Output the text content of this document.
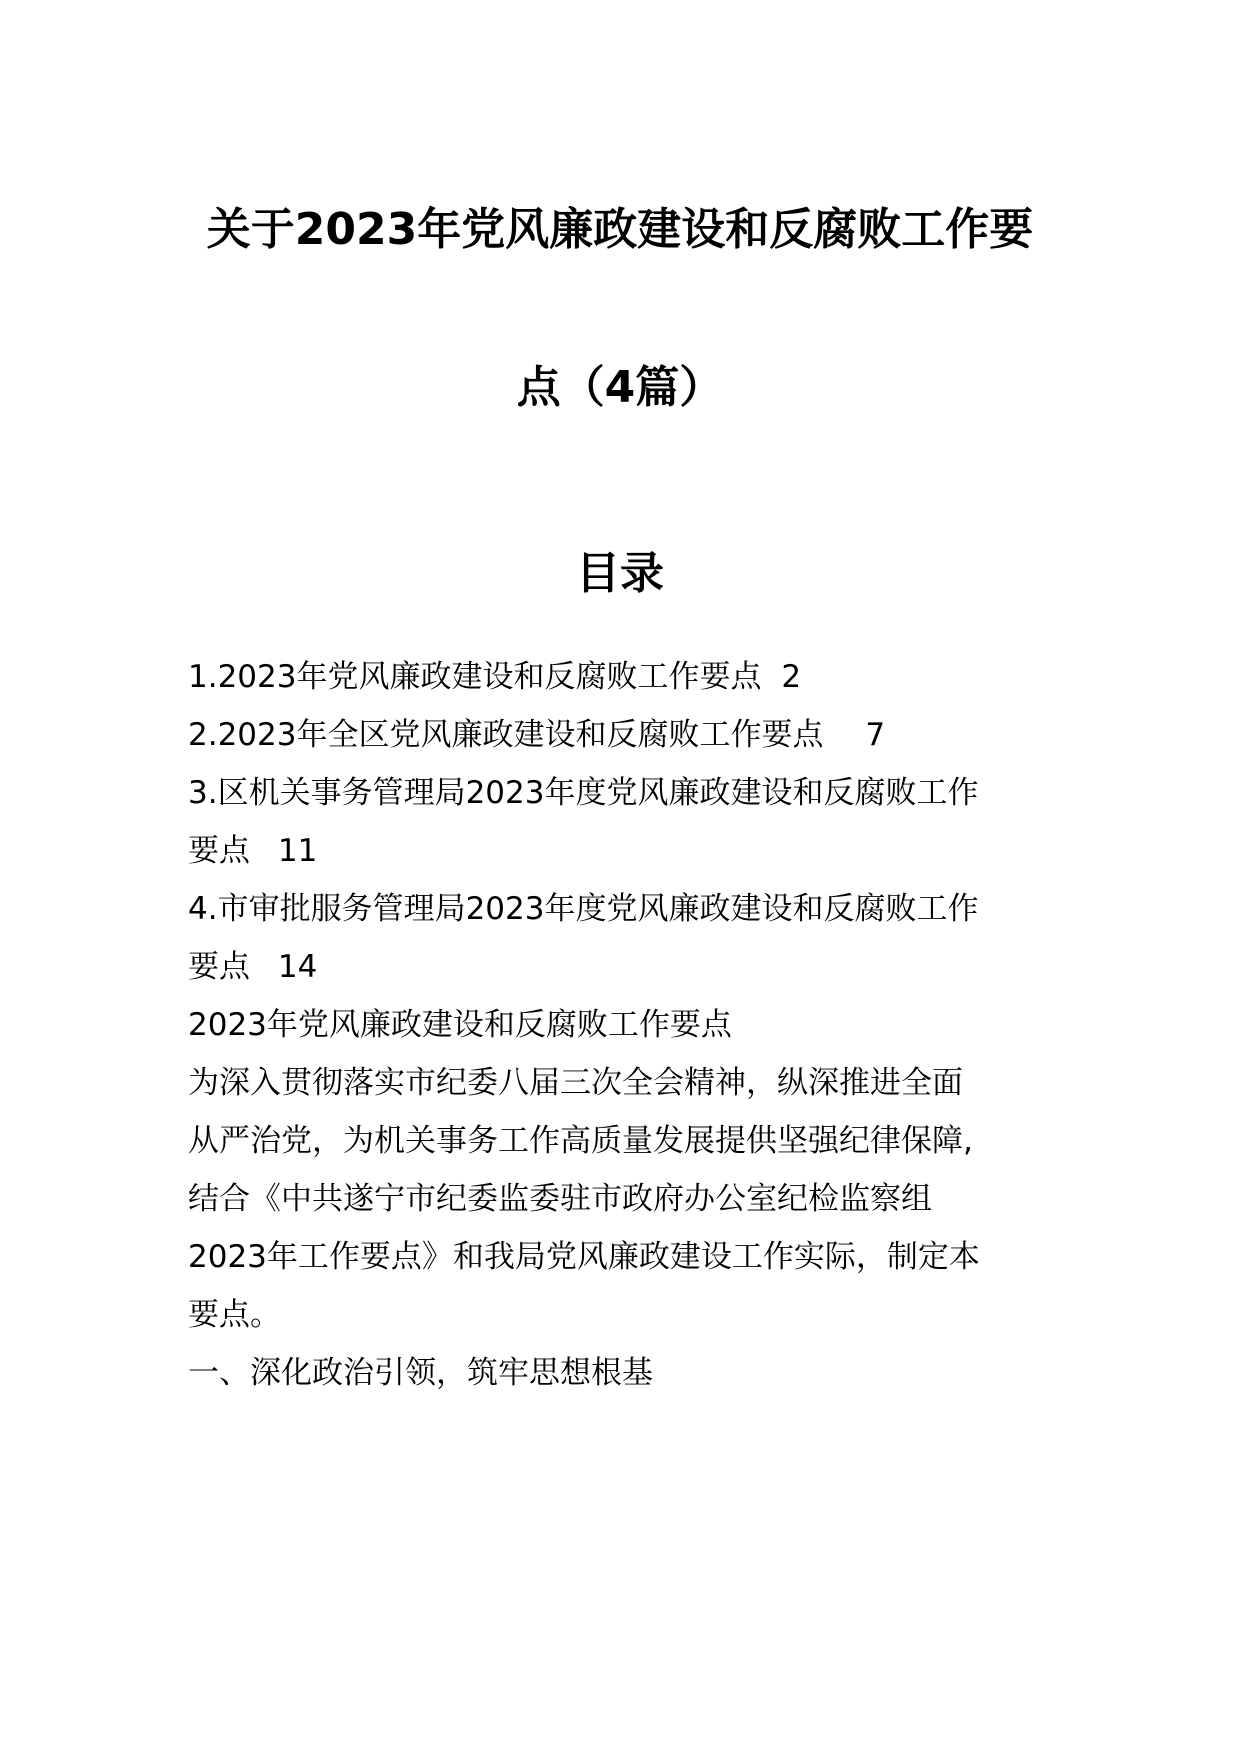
关于2023年党风廉政建设和反腐败工作要
点（4篇）
目录
1.2023年党风廉政建设和反腐败工作要点 2
2.2023年全区党风廉政建设和反腐败工作要点 7
3.区机关事务管理局2023年度党风廉政建设和反腐败工作
要点 11
4.市审批服务管理局2023年度党风廉政建设和反腐败工作
要点 14
2023年党风廉政建设和反腐败工作要点
为深入贯彻落实市纪委八届三次全会精神，纵深推进全面
从严治党，为机关事务工作高质量发展提供坚强纪律保障,
结合《中共遂宁市纪委监委驻市政府办公室纪检监察组
2023年工作要点》和我局党风廉政建设工作实际，制定本
要点。
一、深化政治引领，筑牢思想根基
